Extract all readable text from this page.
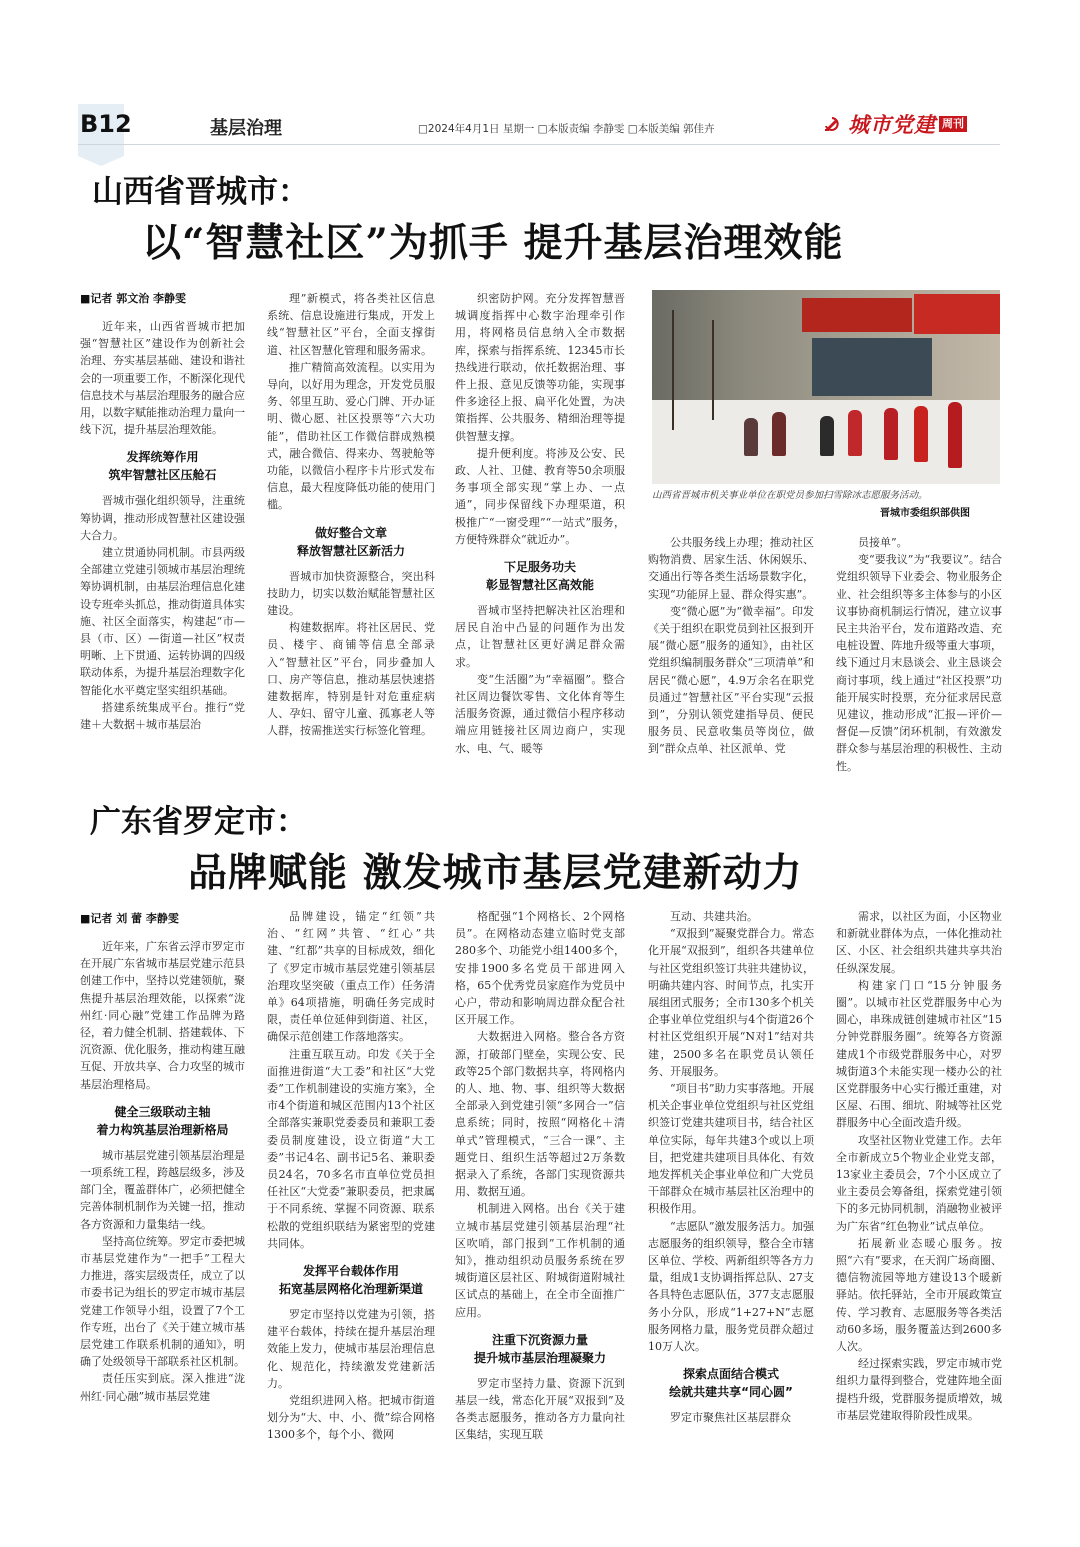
B12	基层治理	□2024年4月1日 星期一 □本版责编 李静雯 □本版美编 郭佳卉	城市党建 周刊
山西省晋城市：
以“智慧社区”为抓手 提升基层治理效能
■记者 郭文治 李静雯

近年来，山西省晋城市把加强“智慧社区”建设作为创新社会治理、夯实基层基础、建设和谐社会的一项重要工作，不断深化现代信息技术与基层治理服务的融合应用，以数字赋能推动治理力量向一线下沉，提升基层治理效能。

发挥统筹作用

筑牢智慧社区压舱石

晋城市强化组织领导，注重统筹协调，推动形成智慧社区建设强大合力。

建立贯通协同机制。市县两级全部建立党建引领城市基层治理统筹协调机制，由基层治理信息化建设专班牵头抓总，推动街道具体实施、社区全面落实，构建起“市—县（市、区）—街道—社区”权责明晰、上下贯通、运转协调的四级联动体系，为提升基层治理数字化智能化水平奠定坚实组织基础。

搭建系统集成平台。推行“党建＋大数据＋城市基层治

理”新模式，将各类社区信息系统、信息设施进行集成，开发上线“智慧社区”平台，全面支撑街道、社区智慧化管理和服务需求。

推广精简高效流程。以实用为导向，以好用为理念，开发党员服务、邻里互助、爱心门牌、开办证明、微心愿、社区投票等“六大功能”，借助社区工作微信群成熟模式，融合微信、得来办、驾驶舱等功能，以微信小程序卡片形式发布信息，最大程度降低功能的使用门槛。

做好整合文章

释放智慧社区新活力

晋城市加快资源整合，突出科技助力，切实以数治赋能智慧社区建设。

构建数据库。将社区居民、党员、楼宇、商铺等信息全部录入“智慧社区”平台，同步叠加人口、房产等信息，推动基层快速搭建数据库，特别是针对危重症病人、孕妇、留守儿童、孤寡老人等人群，按需推送实行标签化管理。

织密防护网。充分发挥智慧晋城调度指挥中心数字治理牵引作用，将网格员信息纳入全市数据库，探索与指挥系统、12345市长热线进行联动，依托数据治理、事件上报、意见反馈等功能，实现事件多途径上报、扁平化处置，为决策指挥、公共服务、精细治理等提供智慧支撑。

提升便利度。将涉及公安、民政、人社、卫健、教育等50余项服务事项全部实现“掌上办、一点通”，同步保留线下办理渠道，积极推广“一窗受理”“一站式”服务，方便特殊群众“就近办”。

下足服务功夫

彰显智慧社区高效能

晋城市坚持把解决社区治理和居民自治中凸显的问题作为出发点，让智慧社区更好满足群众需求。

变“生活圈”为“幸福圈”。整合社区周边餐饮零售、文化体育等生活服务资源，通过微信小程序移动端应用链接社区周边商户，实现水、电、气、暖等

公共服务线上办理；推动社区购物消费、居家生活、休闲娱乐、交通出行等各类生活场景数字化，实现“功能屏上显、群众得实惠”。

变“微心愿”为“微幸福”。印发《关于组织在职党员到社区报到开展“微心愿”服务的通知》，由社区党组织编制服务群众“三项清单”和居民“微心愿”，4.9万余名在职党员通过“智慧社区”平台实现“云报到”，分别认领党建指导员、便民服务员、民意收集员等岗位，做到“群众点单、社区派单、党

员接单”。

变“要我议”为“我要议”。结合党组织领导下业委会、物业服务企业、社会组织等多主体参与的小区议事协商机制运行情况，建立议事民主共治平台，发布道路改造、充电桩设置、阵地升级等重大事项，线下通过月末恳谈会、业主恳谈会商讨事项，线上通过“社区投票”功能开展实时投票，充分征求居民意见建议，推动形成“汇报—评价—督促—反馈”闭环机制，有效激发群众参与基层治理的积极性、主动性。

山西省晋城市机关事业单位在职党员参加扫雪除冰志愿服务活动。
晋城市委组织部供图
广东省罗定市：
品牌赋能 激发城市基层党建新动力
■记者 刘 蕾 李静雯

近年来，广东省云浮市罗定市在开展广东省城市基层党建示范县创建工作中，坚持以党建领航，聚焦提升基层治理效能，以探索“泷州红·同心融”党建工作品牌为路径，着力健全机制、搭建载体、下沉资源、优化服务，推动构建互融互促、开放共享、合力攻坚的城市基层治理格局。

健全三级联动主轴

着力构筑基层治理新格局

城市基层党建引领基层治理是一项系统工程，跨越层级多，涉及部门全，覆盖群体广，必须把健全完善体制机制作为关键一招，推动各方资源和力量集结一线。

坚持高位统筹。罗定市委把城市基层党建作为“一把手”工程大力推进，落实层级责任，成立了以市委书记为组长的罗定市城市基层党建工作领导小组，设置了7个工作专班，出台了《关于建立城市基层党建工作联系机制的通知》，明确了处级领导干部联系社区机制。

责任压实到底。深入推进“泷州红·同心融”城市基层党建

品牌建设，锚定“红领”共治、“红网”共管、“红心”共建、“红都”共享的目标成效，细化了《罗定市城市基层党建引领基层治理攻坚突破（重点工作）任务清单》64项措施，明确任务完成时限，责任单位延伸到街道、社区，确保示范创建工作落地落实。

注重互联互动。印发《关于全面推进街道“大工委”和社区“大党委”工作机制建设的实施方案》，全市4个街道和城区范围内13个社区全部落实兼职党委委员和兼职工委委员制度建设，设立街道“大工委”书记4名、副书记5名、兼职委员24名，70多名市直单位党员担任社区“大党委”兼职委员，把隶属于不同系统、掌握不同资源、联系松散的党组织联结为紧密型的党建共同体。

发挥平台载体作用

拓宽基层网格化治理新渠道

罗定市坚持以党建为引领，搭建平台载体，持续在提升基层治理效能上发力，使城市基层治理信息化、规范化，持续激发党建新活力。

党组织进网入格。把城市街道划分为“大、中、小、微”综合网格1300多个，每个小、微网

格配强“1个网格长、2个网格员”。在网格动态建立临时党支部280多个、功能党小组1400多个，安排1900多名党员干部进网入格，65个优秀党员家庭作为党员中心户，带动和影响周边群众配合社区开展工作。

大数据进入网格。整合各方资源，打破部门壁垒，实现公安、民政等25个部门数据共享，将网格内的人、地、物、事、组织等大数据全部录入到党建引领“多网合一”信息系统；同时，按照“网格化＋清单式”管理模式，“三合一课”、主题党日、组织生活等超过2万条数据录入了系统，各部门实现资源共用、数据互通。

机制进入网格。出台《关于建立城市基层党建引领基层治理“社区吹哨，部门报到”工作机制的通知》，推动组织动员服务系统在罗城街道区层社区、附城街道附城社区试点的基础上，在全市全面推广应用。

注重下沉资源力量

提升城市基层治理凝聚力

罗定市坚持力量、资源下沉到基层一线，常态化开展“双报到”及各类志愿服务，推动各方力量向社区集结，实现互联

互动、共建共治。

“双报到”凝聚党群合力。常态化开展“双报到”，组织各共建单位与社区党组织签订共驻共建协议，明确共建内容、时间节点，扎实开展组团式服务；全市130多个机关企事业单位党组织与4个街道26个村社区党组织开展“N对1”结对共建，2500多名在职党员认领任务、开展服务。

“项目书”助力实事落地。开展机关企事业单位党组织与社区党组织签订党建共建项目书，结合社区单位实际，每年共建3个或以上项目，把党建共建项目具体化、有效地发挥机关企事业单位和广大党员干部群众在城市基层社区治理中的积极作用。

“志愿队”激发服务活力。加强志愿服务的组织领导，整合全市辖区单位、学校、两新组织等各方力量，组成1支协调指挥总队、27支各具特色志愿队伍，377支志愿服务小分队，形成“1+27+N”志愿服务网格力量，服务党员群众超过10万人次。

探索点面结合模式

绘就共建共享“同心圆”

罗定市聚焦社区基层群众

需求，以社区为面，小区物业和新就业群体为点，一体化推动社区、小区、社会组织共建共享共治任纵深发展。

构建家门口“15分钟服务圈”。以城市社区党群服务中心为圆心，串珠成链创建城市社区“15分钟党群服务圈”。统筹各方资源建成1个市级党群服务中心，对罗城街道3个未能实现一楼办公的社区党群服务中心实行搬迁重建，对区屋、石围、细坑、附城等社区党群服务中心全面改造升级。

攻坚社区物业党建工作。去年全市新成立5个物业企业党支部，13家业主委员会，7个小区成立了业主委员会筹备组，探索党建引领下的多元协同机制，消融物业被评为广东省“红色物业”试点单位。

拓展新业态暖心服务。按照“六有”要求，在天润广场商圈、德信物流园等地方建设13个暖新驿站。依托驿站，全市开展政策宣传、学习教育、志愿服务等各类活动60多场，服务覆盖达到2600多人次。

经过探索实践，罗定市城市党组织力量得到整合，党建阵地全面提档升级，党群服务提质增效，城市基层党建取得阶段性成果。
